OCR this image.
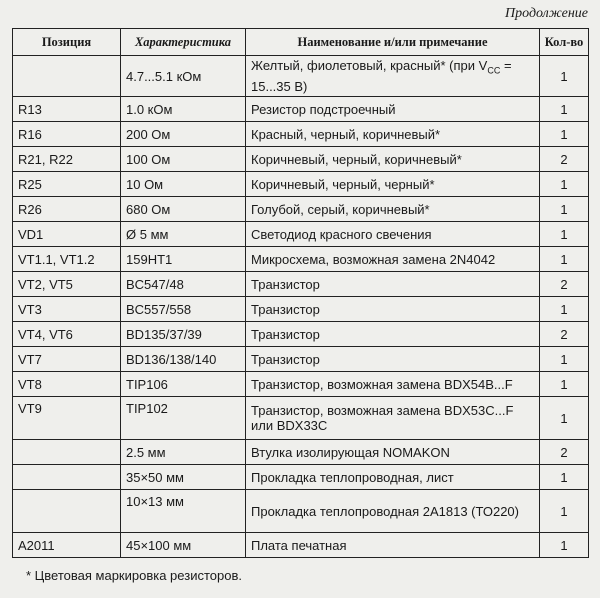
Продолжение
Позиция	Характеристика	Наименование и/или примечание	Кол-во
	4.7...5.1 кОм	Желтый, фиолетовый, красный* (при $V_{CC} = 15...35$ В)	1
R13	1.0 кОм	Резистор подстроечный	1
R16	200 Ом	Красный, черный, коричневый*	1
R21, R22	100 Ом	Коричневый, черный, коричневый*	2
R25	10 Ом	Коричневый, черный, черный*	1
R26	680 Ом	Голубой, серый, коричневый*	1
VD1	Ø 5 мм	Светодиод красного свечения	1
VT1.1, VT1.2	159НТ1	Микросхема, возможная замена 2N4042	1
VT2, VT5	BC547/48	Транзистор	2
VT3	BC557/558	Транзистор	1
VT4, VT6	BD135/37/39	Транзистор	2
VT7	BD136/138/140	Транзистор	1
VT8	TIP106	Транзистор, возможная замена BDX54B...F	1
VT9	TIP102	Транзистор, возможная замена BDX53C...F или BDX33C	1
	2.5 мм	Втулка изолирующая NOMAKON	2
	35×50 мм	Прокладка теплопроводная, лист	1
	10×13 мм	Прокладка теплопроводная 2А1813 (ТО220)	1
A2011	45×100 мм	Плата печатная	1
* Цветовая маркировка резисторов.
